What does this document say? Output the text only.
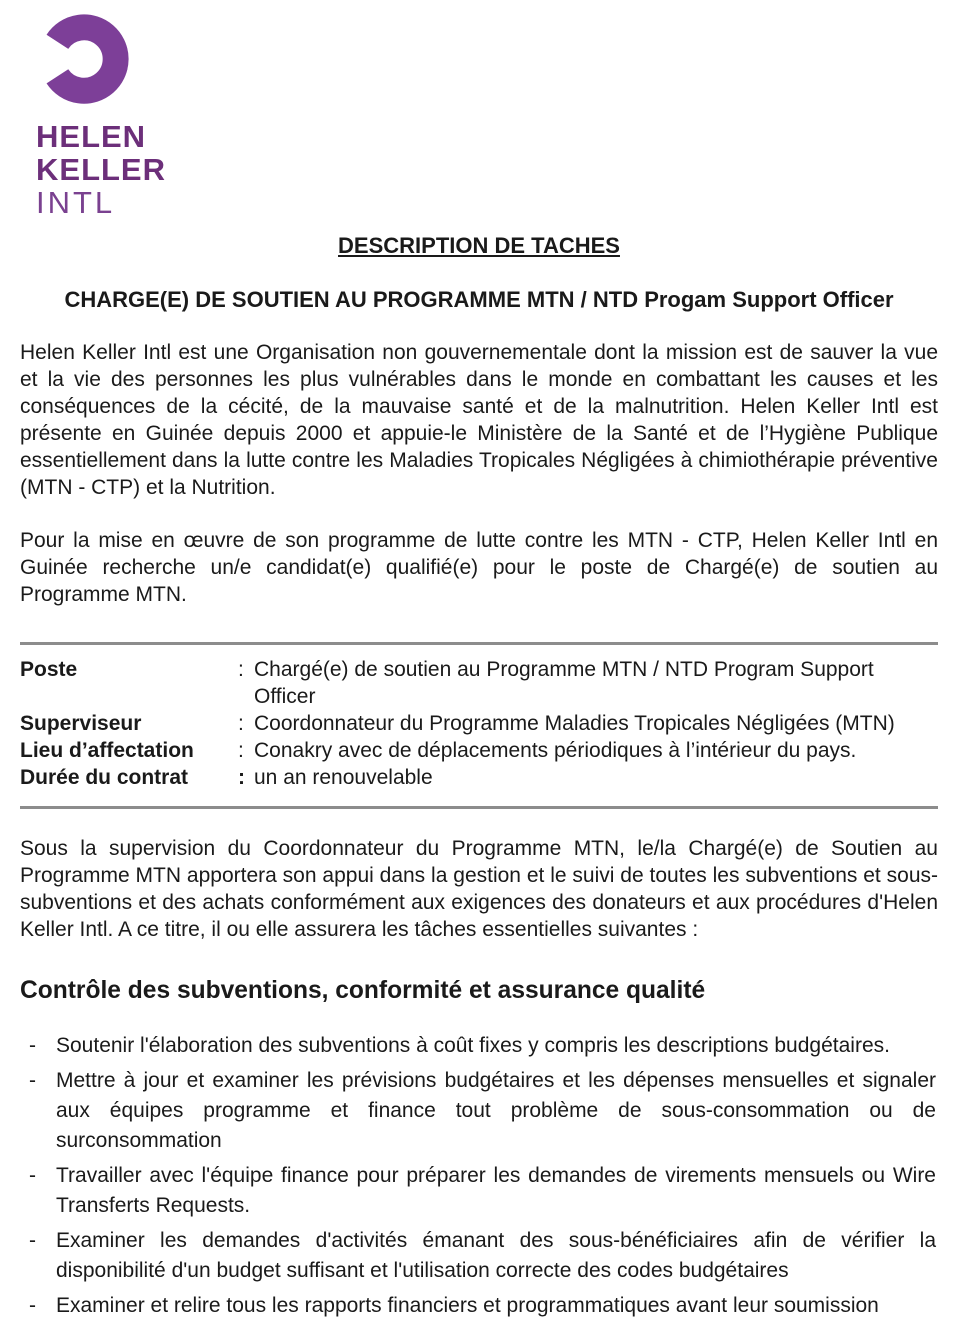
HELEN
KELLER
INTL
DESCRIPTION DE TACHES
CHARGE(E) DE SOUTIEN AU PROGRAMME MTN / NTD Progam Support Officer

Helen Keller Intl est une Organisation non gouvernementale dont la mission est de sauver la vue et la vie des personnes les plus vulnérables dans le monde en combattant les causes et les conséquences de la cécité, de la mauvaise santé et de la malnutrition. Helen Keller Intl est présente en Guinée depuis 2000 et appuie-le Ministère de la Santé et de l’Hygiène Publique essentiellement dans la lutte contre les Maladies Tropicales Négligées à chimiothérapie préventive (MTN - CTP) et la Nutrition.

Pour la mise en œuvre de son programme de lutte contre les MTN - CTP, Helen Keller Intl en Guinée recherche un/e candidat(e) qualifié(e) pour le poste de Chargé(e) de soutien au Programme MTN.

Poste	: Chargé(e) de soutien au Programme MTN / NTD Program Support Officer
Superviseur	: Coordonnateur du Programme Maladies Tropicales Négligées (MTN)
Lieu d’affectation	: Conakry avec de déplacements périodiques à l’intérieur du pays.
Durée du contrat	: un an renouvelable

Sous la supervision du Coordonnateur du Programme MTN, le/la Chargé(e) de Soutien au Programme MTN apportera son appui dans la gestion et le suivi de toutes les subventions et sous-subventions et des achats conformément aux exigences des donateurs et aux procédures d'Helen Keller Intl. A ce titre, il ou elle assurera les tâches essentielles suivantes :

Contrôle des subventions, conformité et assurance qualité
- Soutenir l'élaboration des subventions à coût fixes y compris les descriptions budgétaires.
- Mettre à jour et examiner les prévisions budgétaires et les dépenses mensuelles et signaler aux équipes programme et finance tout problème de sous-consommation ou de surconsommation
- Travailler avec l'équipe finance pour préparer les demandes de virements mensuels ou Wire Transferts Requests.
- Examiner les demandes d'activités émanant des sous-bénéficiaires afin de vérifier la disponibilité d'un budget suffisant et l'utilisation correcte des codes budgétaires
- Examiner et relire tous les rapports financiers et programmatiques avant leur soumission
